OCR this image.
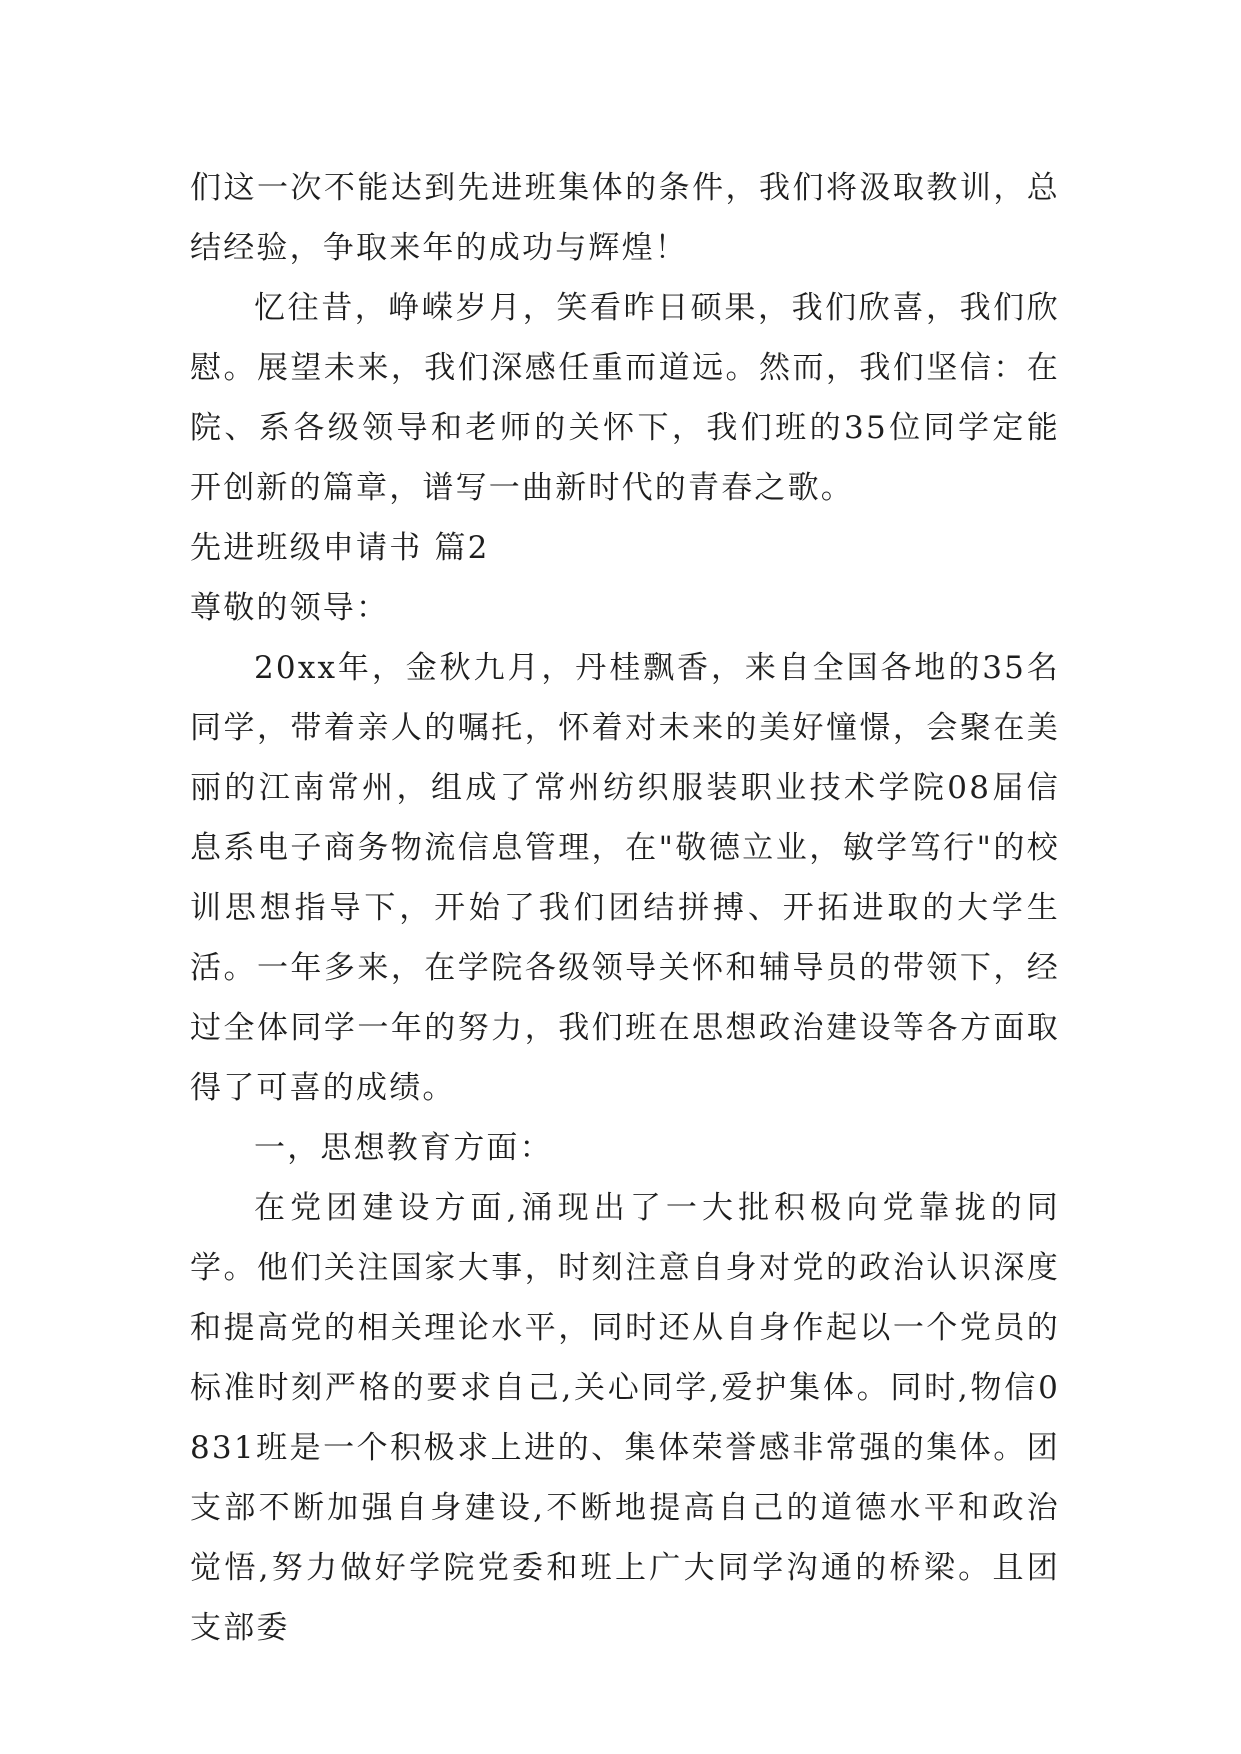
们这一次不能达到先进班集体的条件，我们将汲取教训，总结经验，争取来年的成功与辉煌！

忆往昔，峥嵘岁月，笑看昨日硕果，我们欣喜，我们欣慰。展望未来，我们深感任重而道远。然而，我们坚信：在院、系各级领导和老师的关怀下，我们班的35位同学定能开创新的篇章，谱写一曲新时代的青春之歌。

先进班级申请书 篇2

尊敬的领导：

20xx年，金秋九月，丹桂飘香，来自全国各地的35名同学，带着亲人的嘱托，怀着对未来的美好憧憬，会聚在美丽的江南常州，组成了常州纺织服装职业技术学院08届信息系电子商务物流信息管理，在"敬德立业，敏学笃行"的校训思想指导下，开始了我们团结拼搏、开拓进取的大学生活。一年多来，在学院各级领导关怀和辅导员的带领下，经过全体同学一年的努力，我们班在思想政治建设等各方面取得了可喜的成绩。

一，思想教育方面：

在党团建设方面,涌现出了一大批积极向党靠拢的同学。他们关注国家大事，时刻注意自身对党的政治认识深度和提高党的相关理论水平，同时还从自身作起以一个党员的标准时刻严格的要求自己,关心同学,爱护集体。同时,物信0831班是一个积极求上进的、集体荣誉感非常强的集体。团支部不断加强自身建设,不断地提高自己的道德水平和政治觉悟,努力做好学院党委和班上广大同学沟通的桥梁。且团支部委
